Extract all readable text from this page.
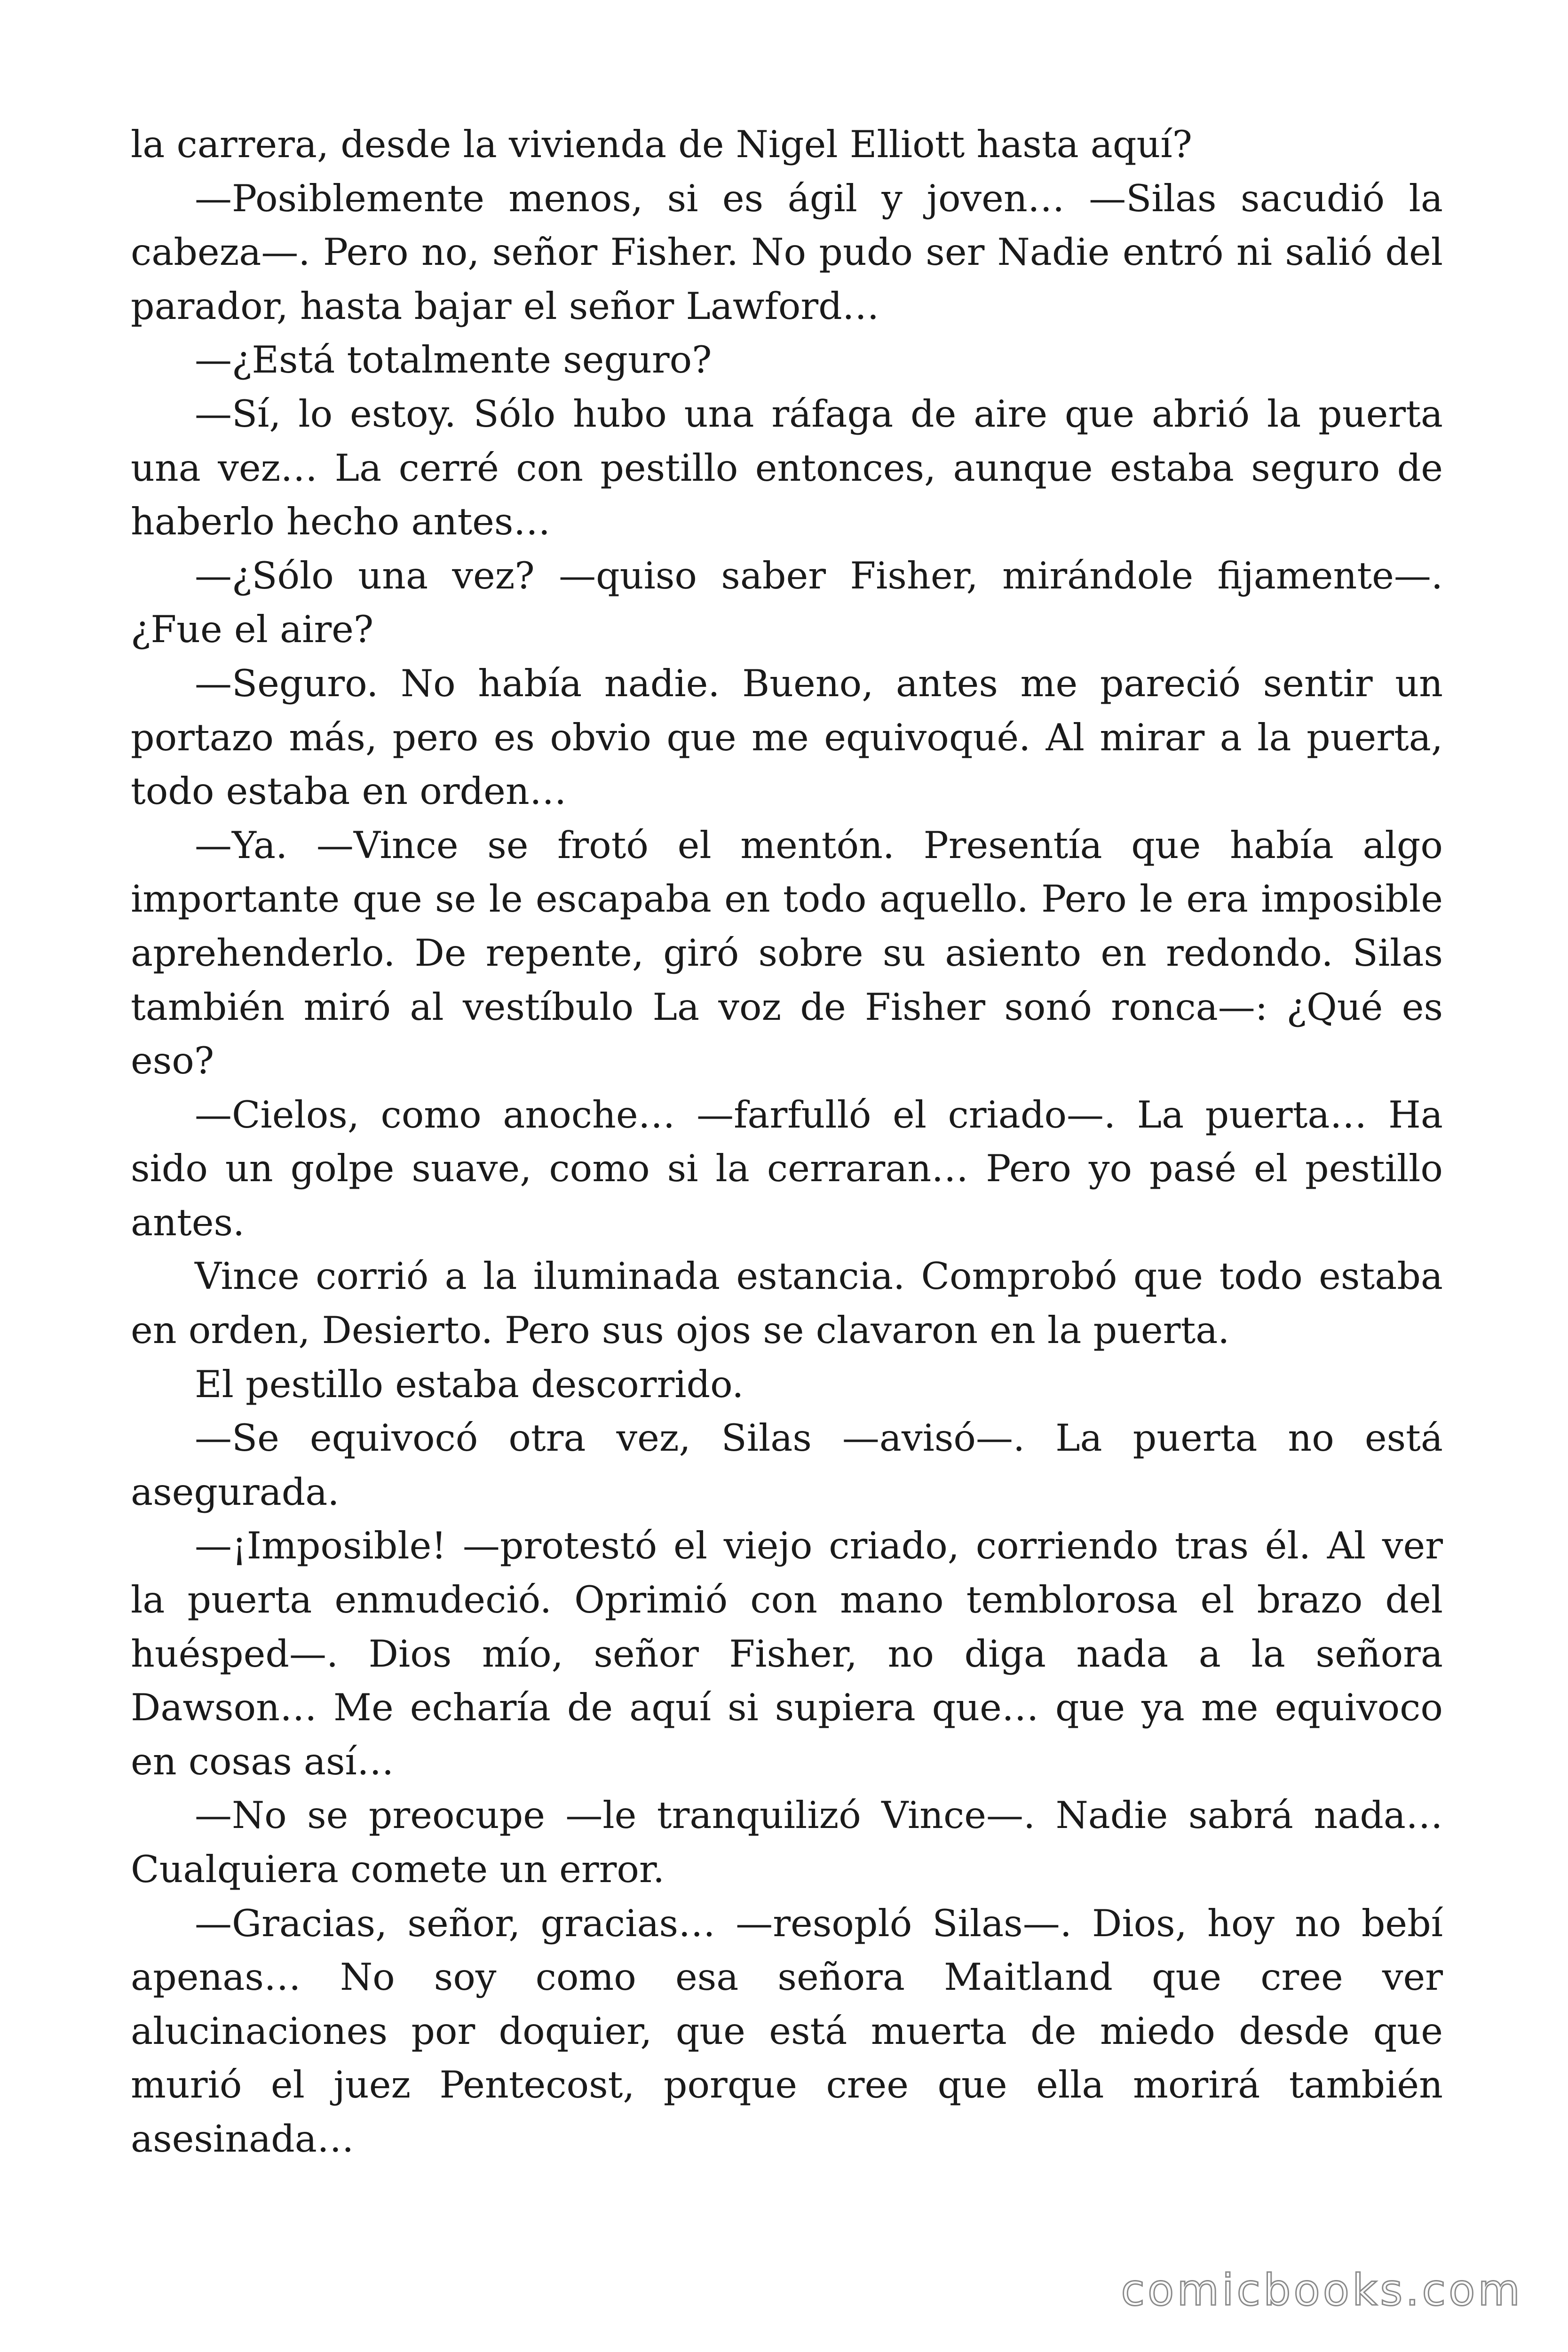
la carrera, desde la vivienda de Nigel Elliott hasta aquí?

—Posiblemente menos, si es ágil y joven… —Silas sacudió la cabeza—. Pero no, señor Fisher. No pudo ser Nadie entró ni salió del parador, hasta bajar el señor Lawford…

—¿Está totalmente seguro?

—Sí, lo estoy. Sólo hubo una ráfaga de aire que abrió la puerta una vez… La cerré con pestillo entonces, aunque estaba seguro de haberlo hecho antes…

—¿Sólo una vez? —quiso saber Fisher, mirándole fijamente—. ¿Fue el aire?

—Seguro. No había nadie. Bueno, antes me pareció sentir un portazo más, pero es obvio que me equivoqué. Al mirar a la puerta, todo estaba en orden…

—Ya. —Vince se frotó el mentón. Presentía que había algo importante que se le escapaba en todo aquello. Pero le era imposible aprehenderlo. De repente, giró sobre su asiento en redondo. Silas también miró al vestíbulo La voz de Fisher sonó ronca—: ¿Qué es eso?

—Cielos, como anoche… —farfulló el criado—. La puerta… Ha sido un golpe suave, como si la cerraran… Pero yo pasé el pestillo antes.

Vince corrió a la iluminada estancia. Comprobó que todo estaba en orden, Desierto. Pero sus ojos se clavaron en la puerta.

El pestillo estaba descorrido.

—Se equivocó otra vez, Silas —avisó—. La puerta no está asegurada.

—¡Imposible! —protestó el viejo criado, corriendo tras él. Al ver la puerta enmudeció. Oprimió con mano temblorosa el brazo del huésped—. Dios mío, señor Fisher, no diga nada a la señora Dawson… Me echaría de aquí si supiera que… que ya me equivoco en cosas así…

—No se preocupe —le tranquilizó Vince—. Nadie sabrá nada… Cualquiera comete un error.

—Gracias, señor, gracias… —resopló Silas—. Dios, hoy no bebí apenas… No soy como esa señora Maitland que cree ver alucinaciones por doquier, que está muerta de miedo desde que murió el juez Pentecost, porque cree que ella morirá también asesinada…

comicbooks.com
